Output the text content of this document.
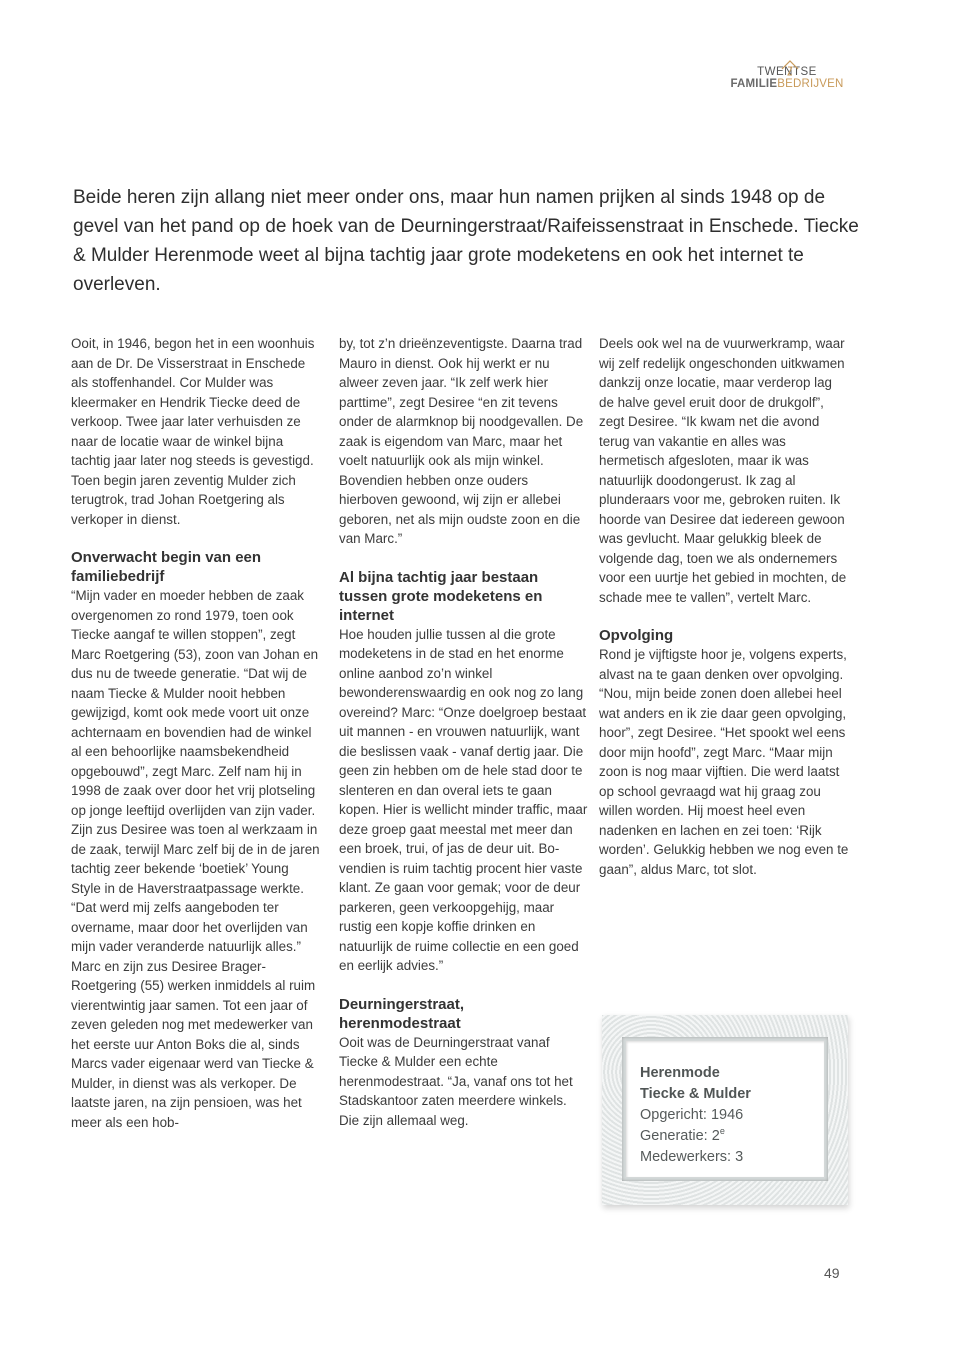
TWENTSE
FAMILIEBEDRIJVEN

Beide heren zijn allang niet meer onder ons, maar hun namen prijken al sinds 1948 op de gevel van het pand op de hoek van de Deurningerstraat/Raifeissenstraat in Enschede. Tiecke & Mulder Herenmode weet al bijna tachtig jaar grote modeketens en ook het internet te overleven.

Ooit, in 1946, begon het in een woonhuis aan de Dr. De Visserstraat in Enschede als stoffenhandel. Cor Mulder was kleermaker en Hendrik Tiecke deed de verkoop. Twee jaar later verhuisden ze naar de locatie waar de winkel bijna tachtig jaar later nog steeds is gevestigd. Toen begin jaren zeventig Mulder zich terugtrok, trad Johan Roetgering als verkoper in dienst.

Onverwacht begin van een familiebedrijf

“Mijn vader en moeder hebben de zaak overgenomen zo rond 1979, toen ook Tiecke aangaf te willen stoppen”, zegt Marc Roetgering (53), zoon van Johan en dus nu de tweede generatie. “Dat wij de naam Tiecke & Mulder nooit hebben gewijzigd, komt ook mede voort uit onze achternaam en bovendien had de winkel al een behoorlijke naamsbekendheid opgebouwd”, zegt Marc. Zelf nam hij in 1998 de zaak over door het vrij plotseling op jonge leeftijd overlijden van zijn vader. Zijn zus Desiree was toen al werkzaam in de zaak, terwijl Marc zelf bij de in de jaren tachtig zeer bekende ‘boetiek’ Young Style in de Haverstraatpassage werkte. “Dat werd mij zelfs aangeboden ter overname, maar door het overlijden van mijn vader veranderde natuurlijk alles.” Marc en zijn zus Desiree Brager-Roetgering (55) werken inmiddels al ruim vierentwintig jaar samen. Tot een jaar of zeven geleden nog met medewerker van het eerste uur Anton Boks die al, sinds Marcs vader eigenaar werd van Tiecke & Mulder, in dienst was als verkoper. De laatste jaren, na zijn pensioen, was het meer als een hob-

by, tot z’n drieënzeventigste. Daarna trad Mauro in dienst. Ook hij werkt er nu alweer zeven jaar. “Ik zelf werk hier parttime”, zegt Desiree “en zit tevens onder de alarmknop bij noodgevallen. De zaak is eigendom van Marc, maar het voelt natuurlijk ook als mijn winkel. Bovendien hebben onze ouders hierboven gewoond, wij zijn er allebei geboren, net als mijn oudste zoon en die van Marc.”

Al bijna tachtig jaar bestaan tussen grote modeketens en internet

Hoe houden jullie tussen al die grote modeketens in de stad en het enorme online aanbod zo’n winkel bewonderenswaardig en ook nog zo lang overeind? Marc: “Onze doelgroep bestaat uit mannen - en vrouwen natuurlijk, want die beslissen vaak - vanaf dertig jaar. Die geen zin hebben om de hele stad door te slenteren en dan overal iets te gaan kopen. Hier is wellicht minder traffic, maar deze groep gaat meestal met meer dan een broek, trui, of jas de deur uit. Bovendien is ruim tachtig procent hier vaste klant. Ze gaan voor gemak; voor de deur parkeren, geen verkoopgehijg, maar rustig een kopje koffie drinken en natuurlijk de ruime collectie en een goed en eerlijk advies.”

Deurningerstraat, herenmodestraat

Ooit was de Deurningerstraat vanaf Tiecke & Mulder een echte herenmodestraat. “Ja, vanaf ons tot het Stadskantoor zaten meerdere winkels. Die zijn allemaal weg.

Deels ook wel na de vuurwerkramp, waar wij zelf redelijk ongeschonden uitkwamen dankzij onze locatie, maar verderop lag de halve gevel eruit door de drukgolf”, zegt Desiree. “Ik kwam net die avond terug van vakantie en alles was hermetisch afgesloten, maar ik was natuurlijk doodongerust. Ik zag al plunderaars voor me, gebroken ruiten. Ik hoorde van Desiree dat iedereen gewoon was gevlucht. Maar gelukkig bleek de volgende dag, toen we als ondernemers voor een uurtje het gebied in mochten, de schade mee te vallen”, vertelt Marc.

Opvolging

Rond je vijftigste hoor je, volgens experts, alvast na te gaan denken over opvolging. “Nou, mijn beide zonen doen allebei heel wat anders en ik zie daar geen opvolging, hoor”, zegt Desiree. “Het spookt wel eens door mijn hoofd”, zegt Marc. “Maar mijn zoon is nog maar vijftien. Die werd laatst op school gevraagd wat hij graag zou willen worden. Hij moest heel even nadenken en lachen en zei toen: ‘Rijk worden’. Gelukkig hebben we nog even te gaan”, aldus Marc, tot slot.

Herenmode
Tiecke & Mulder
Opgericht: 1946
Generatie: 2e
Medewerkers: 3
49
